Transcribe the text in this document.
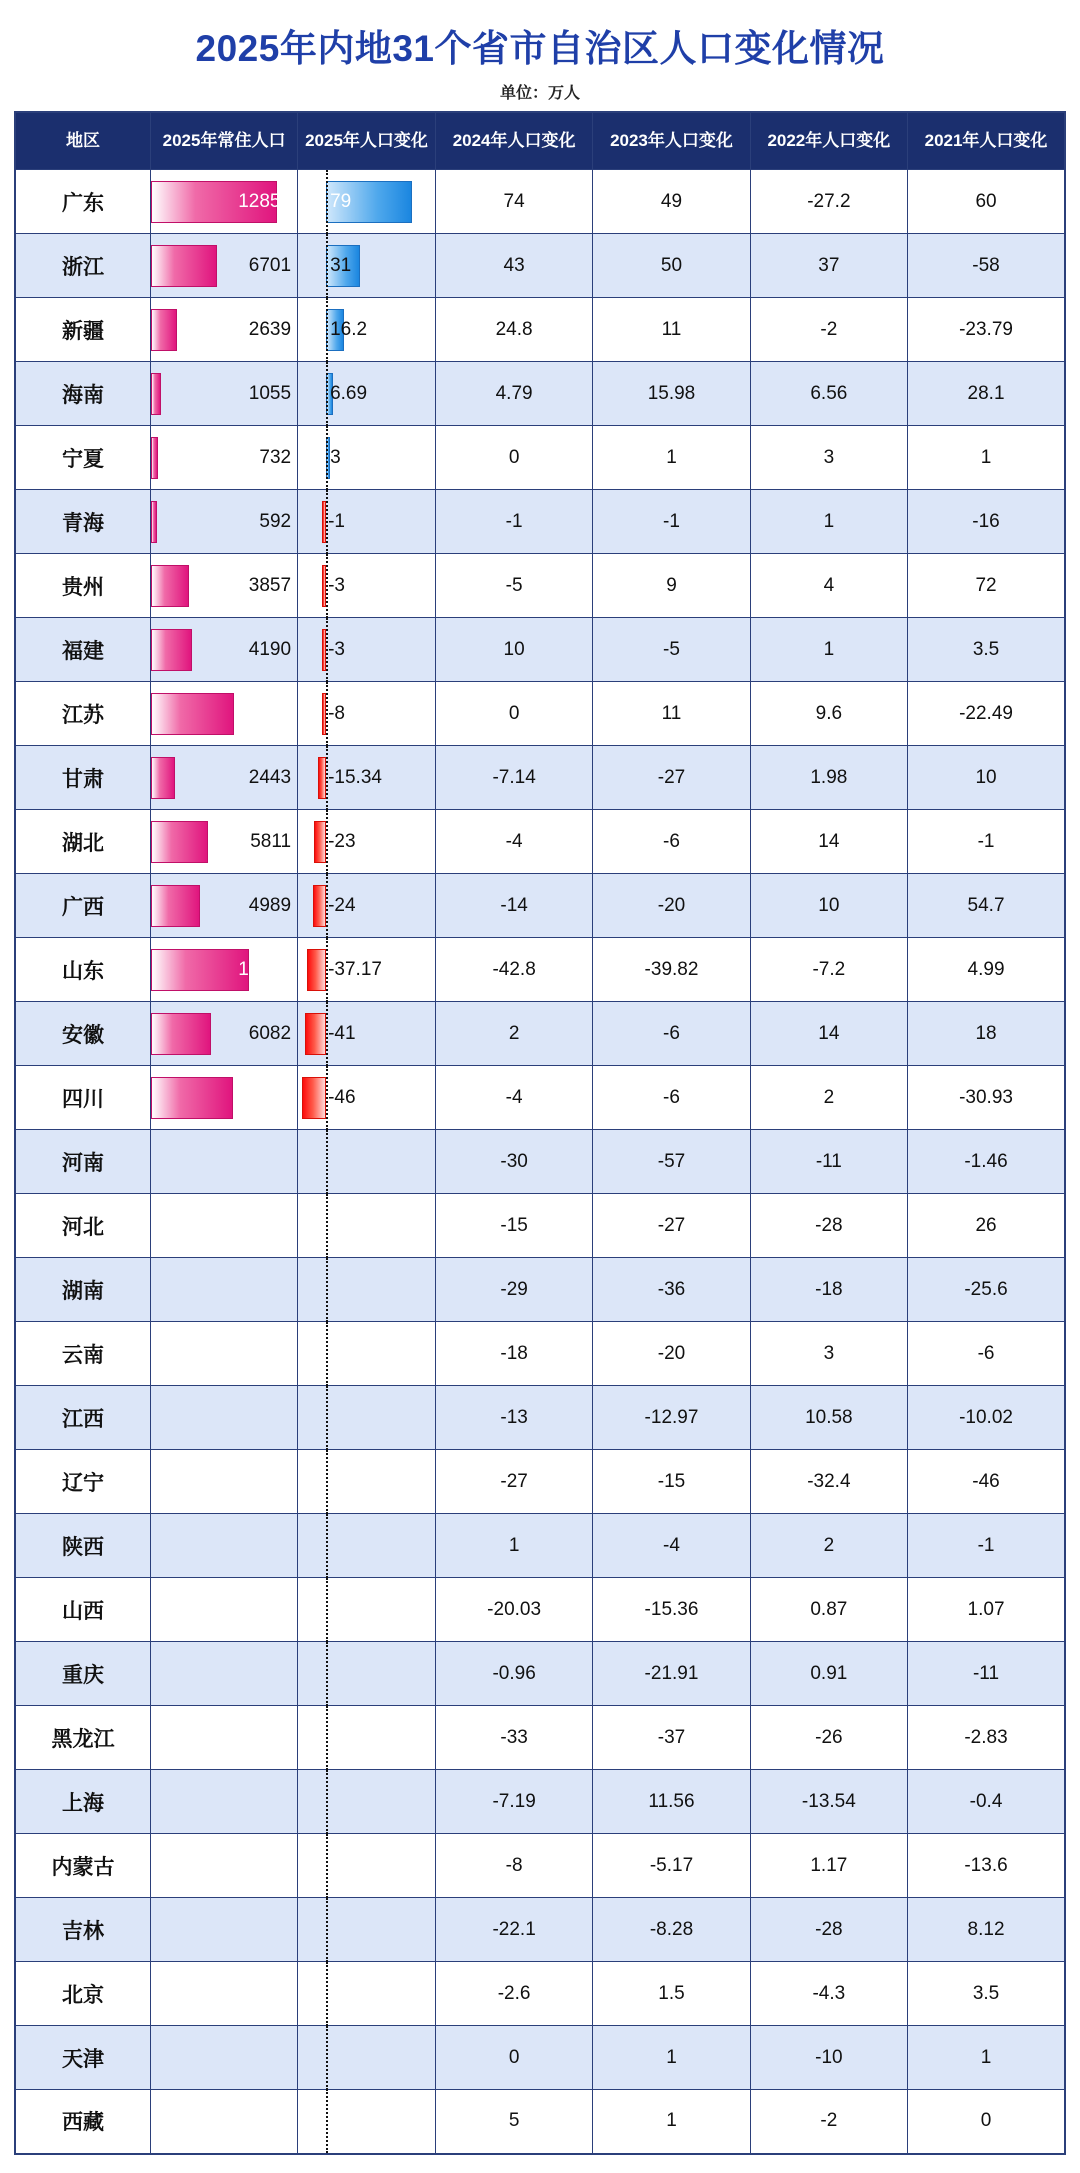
2025年内地31个省市自治区人口变化情况
单位：万人
地区	2025年常住人口	2025年人口变化	2024年人口变化	2023年人口变化	2022年人口变化	2021年人口变化
广东	12859	79	74	49	-27.2	60
浙江	6701	31	43	50	37	-58
新疆	2639	16.2	24.8	11	-2	-23.79
海南	1055	6.69	4.79	15.98	6.56	28.1
宁夏	732	3	0	1	3	1
青海	592	-1	-1	-1	1	-16
贵州	3857	-3	-5	9	4	72
福建	4190	-3	10	-5	1	3.5
江苏	8518	-8	0	11	9.6	-22.49
甘肃	2443	-15.34	-7.14	-27	1.98	10
湖北	5811	-23	-4	-6	14	-1
广西	4989	-24	-14	-20	10	54.7
山东	10043	-37.17	-42.8	-39.82	-7.2	4.99
安徽	6082	-41	2	-6	14	18
四川	8318	-46	-4	-6	2	-30.93
河南			-30	-57	-11	-1.46
河北			-15	-27	-28	26
湖南			-29	-36	-18	-25.6
云南			-18	-20	3	-6
江西			-13	-12.97	10.58	-10.02
辽宁			-27	-15	-32.4	-46
陕西			1	-4	2	-1
山西			-20.03	-15.36	0.87	1.07
重庆			-0.96	-21.91	0.91	-11
黑龙江			-33	-37	-26	-2.83
上海			-7.19	11.56	-13.54	-0.4
内蒙古			-8	-5.17	1.17	-13.6
吉林			-22.1	-8.28	-28	8.12
北京			-2.6	1.5	-4.3	3.5
天津			0	1	-10	1
西藏			5	1	-2	0
